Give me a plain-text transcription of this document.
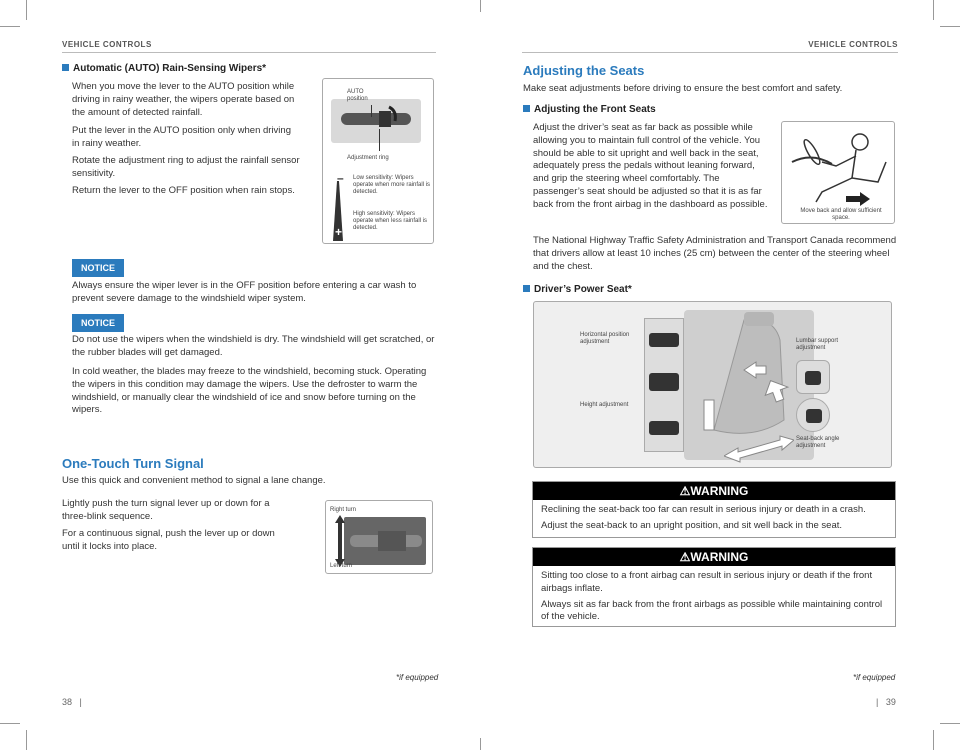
VEHICLE CONTROLS	VEHICLE CONTROLS
Automatic (AUTO) Rain-Sensing Wipers*
When you move the lever to the AUTO position while driving in rainy weather, the wipers operate based on the amount of detected rainfall.
Put the lever in the AUTO position only when driving in rainy weather.
Rotate the adjustment ring to adjust the rainfall sensor sensitivity.
Return the lever to the OFF position when rain stops.
AUTO position
Adjustment ring
–
+
Low sensitivity: Wipers operate when more rainfall is detected.
High sensitivity: Wipers operate when less rainfall is detected.
NOTICE
Always ensure the wiper lever is in the OFF position before entering a car wash to prevent severe damage to the windshield wiper system.
NOTICE
Do not use the wipers when the windshield is dry. The windshield will get scratched, or the rubber blades will get damaged.
In cold weather, the blades may freeze to the windshield, becoming stuck. Operating the wipers in this condition may damage the wipers. Use the defroster to warm the windshield, or manually clear the windshield of ice and snow before turning on the wipers.
One-Touch Turn Signal
Use this quick and convenient method to signal a lane change.
Lightly push the turn signal lever up or down for a three-blink sequence.
For a continuous signal, push the lever up or down until it locks into place.
Right turn
Left turn
*if equipped
38 |
Adjusting the Seats
Make seat adjustments before driving to ensure the best comfort and safety.
Adjusting the Front Seats
Adjust the driver’s seat as far back as possible while allowing you to maintain full control of the vehicle. You should be able to sit upright and well back in the seat, adequately press the pedals without leaning forward, and grip the steering wheel comfortably. The passenger’s seat should be adjusted so that it is as far back from the front airbag in the dashboard as possible.
The National Highway Traffic Safety Administration and Transport Canada recommend that drivers allow at least 10 inches (25 cm) between the center of the steering wheel and the chest.
Move back and allow sufficient space.
Driver’s Power Seat*
Horizontal position adjustment
Height adjustment
Lumbar support adjustment
Seat-back angle adjustment
⚠WARNING
Reclining the seat-back too far can result in serious injury or death in a crash.
Adjust the seat-back to an upright position, and sit well back in the seat.
⚠WARNING
Sitting too close to a front airbag can result in serious injury or death if the front airbags inflate.
Always sit as far back from the front airbags as possible while maintaining control of the vehicle.
*if equipped
| 39
